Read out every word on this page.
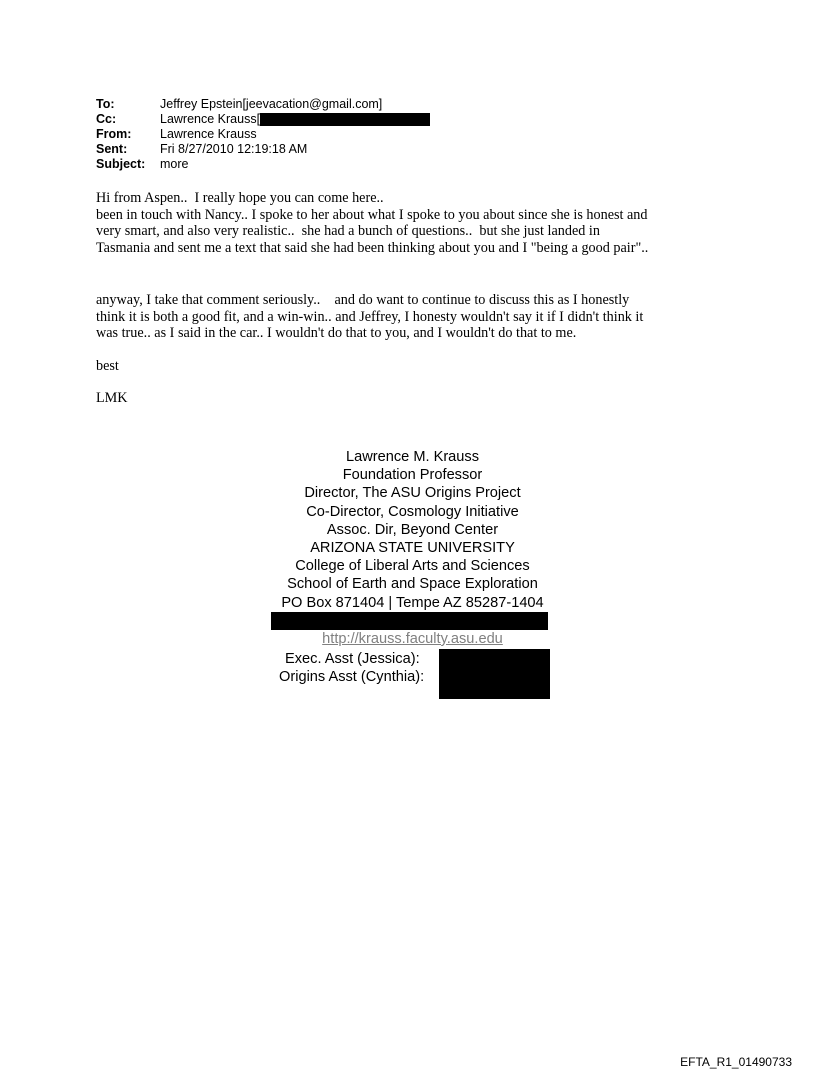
To:	Jeffrey Epstein[jeevacation@gmail.com]
Cc:	Lawrence Krauss[
From:	Lawrence Krauss
Sent:	Fri 8/27/2010 12:19:18 AM
Subject:	more
Hi from Aspen..  I really hope you can come here..
been in touch with Nancy.. I spoke to her about what I spoke to you about since she is honest and
very smart, and also very realistic..  she had a bunch of questions..  but she just landed in
Tasmania and sent me a text that said she had been thinking about you and I "being a good pair"..
anyway, I take that comment seriously..    and do want to continue to discuss this as I honestly
think it is both a good fit, and a win-win.. and Jeffrey, I honesty wouldn't say it if I didn't think it
was true.. as I said in the car.. I wouldn't do that to you, and I wouldn't do that to me.
best
LMK
Lawrence M. Krauss
Foundation Professor
Director, The ASU Origins Project
Co-Director, Cosmology Initiative
Assoc. Dir, Beyond Center
ARIZONA STATE UNIVERSITY
College of Liberal Arts and Sciences
School of Earth and Space Exploration
PO Box 871404 | Tempe AZ 85287-1404
http://krauss.faculty.asu.edu
Exec. Asst (Jessica):
Origins Asst (Cynthia):
EFTA_R1_01490733
